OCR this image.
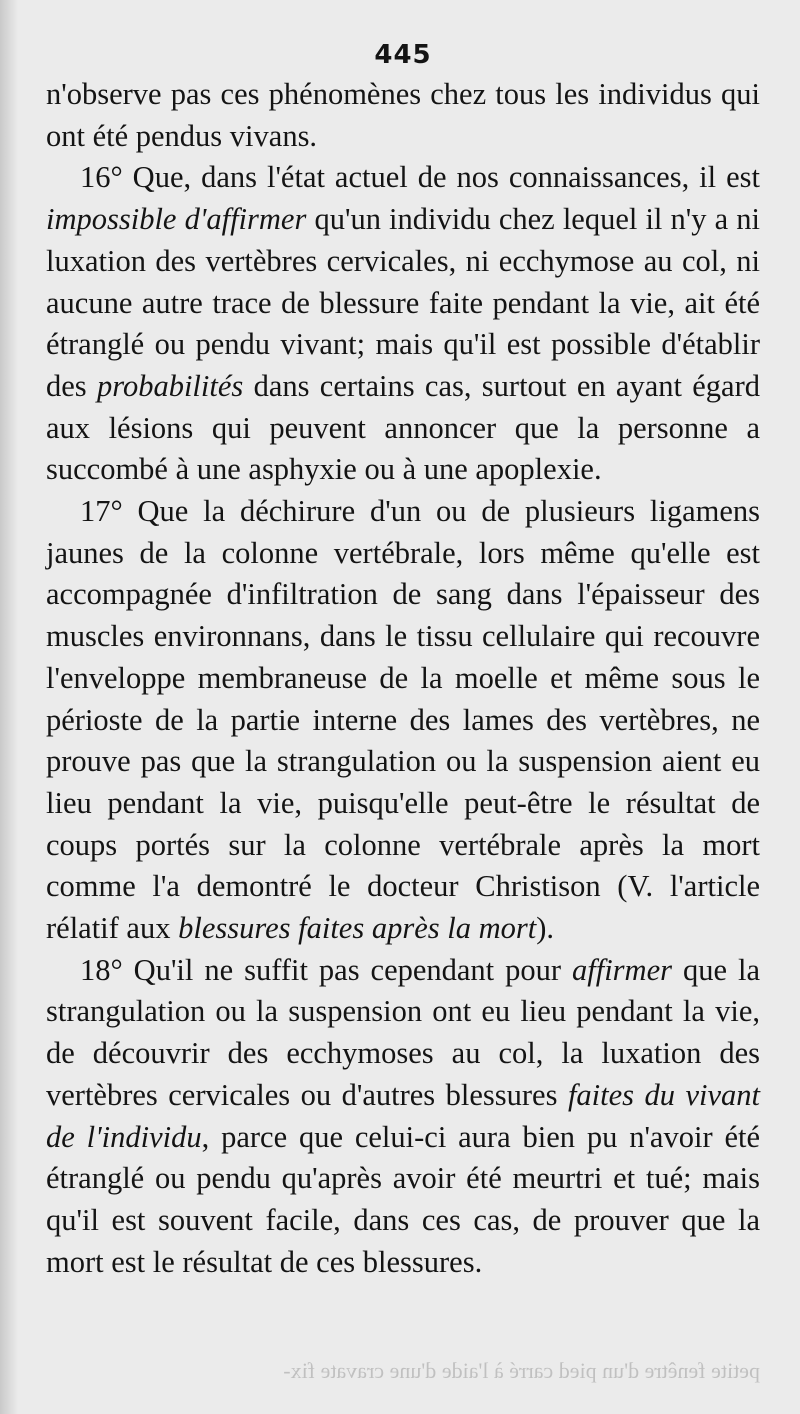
445

n'observe pas ces phénomènes chez tous les individus qui ont été pendus vivans.

16° Que, dans l'état actuel de nos connaissances, il est impossible d'affirmer qu'un individu chez lequel il n'y a ni luxation des vertèbres cervicales, ni ecchymose au col, ni aucune autre trace de blessure faite pendant la vie, ait été étranglé ou pendu vivant; mais qu'il est possible d'établir des probabilités dans certains cas, surtout en ayant égard aux lésions qui peuvent annoncer que la personne a succombé à une asphyxie ou à une apoplexie.

17° Que la déchirure d'un ou de plusieurs ligamens jaunes de la colonne vertébrale, lors même qu'elle est accompagnée d'infiltration de sang dans l'épaisseur des muscles environnans, dans le tissu cellulaire qui recouvre l'enveloppe membraneuse de la moelle et même sous le périoste de la partie interne des lames des vertèbres, ne prouve pas que la strangulation ou la suspension aient eu lieu pendant la vie, puisqu'elle peut-être le résultat de coups portés sur la colonne vertébrale après la mort comme l'a demontré le docteur Christison (V. l'article rélatif aux blessures faites après la mort).

18° Qu'il ne suffit pas cependant pour affirmer que la strangulation ou la suspension ont eu lieu pendant la vie, de découvrir des ecchymoses au col, la luxation des vertèbres cervicales ou d'autres blessures faites du vivant de l'individu, parce que celui-ci aura bien pu n'avoir été étranglé ou pendu qu'après avoir été meurtri et tué; mais qu'il est souvent facile, dans ces cas, de prouver que la mort est le résultat de ces blessures.

petite fenêtre d'un pied carré à l'aide d'une cravate fix-
